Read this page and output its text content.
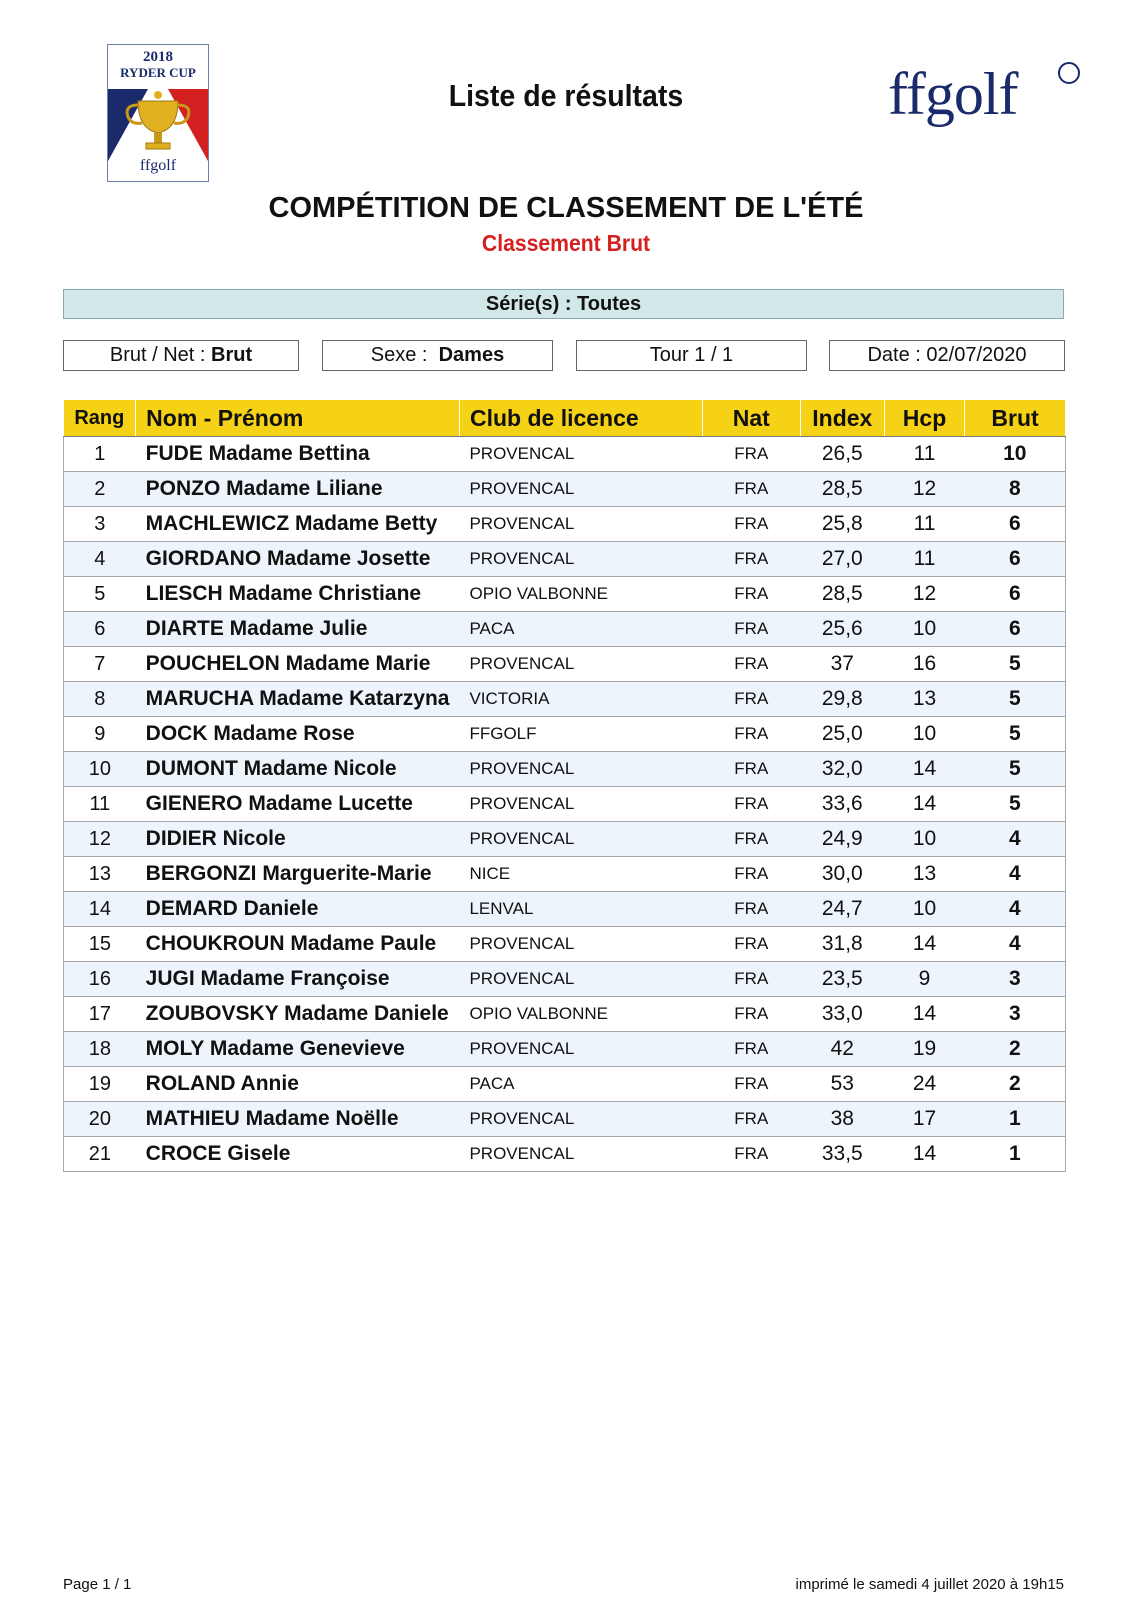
2018
RYDER CUP
ffgolf
Liste de résultats	ffgolf
COMPÉTITION DE CLASSEMENT DE L'ÉTÉ
Classement Brut
Série(s) : Toutes
Brut / Net : Brut	Sexe : Dames	Tour 1 / 1	Date : 02/07/2020
Rang	Nom - Prénom	Club de licence	Nat	Index	Hcp	Brut
1	FUDE Madame Bettina	PROVENCAL	FRA	26,5	11	10
2	PONZO Madame Liliane	PROVENCAL	FRA	28,5	12	8
3	MACHLEWICZ Madame Betty	PROVENCAL	FRA	25,8	11	6
4	GIORDANO Madame Josette	PROVENCAL	FRA	27,0	11	6
5	LIESCH Madame Christiane	OPIO VALBONNE	FRA	28,5	12	6
6	DIARTE Madame Julie	PACA	FRA	25,6	10	6
7	POUCHELON Madame Marie	PROVENCAL	FRA	37	16	5
8	MARUCHA Madame Katarzyna	VICTORIA	FRA	29,8	13	5
9	DOCK Madame Rose	FFGOLF	FRA	25,0	10	5
10	DUMONT Madame Nicole	PROVENCAL	FRA	32,0	14	5
11	GIENERO Madame Lucette	PROVENCAL	FRA	33,6	14	5
12	DIDIER Nicole	PROVENCAL	FRA	24,9	10	4
13	BERGONZI Marguerite-Marie	NICE	FRA	30,0	13	4
14	DEMARD Daniele	LENVAL	FRA	24,7	10	4
15	CHOUKROUN Madame Paule	PROVENCAL	FRA	31,8	14	4
16	JUGI Madame Françoise	PROVENCAL	FRA	23,5	9	3
17	ZOUBOVSKY Madame Daniele	OPIO VALBONNE	FRA	33,0	14	3
18	MOLY Madame Genevieve	PROVENCAL	FRA	42	19	2
19	ROLAND Annie	PACA	FRA	53	24	2
20	MATHIEU Madame Noëlle	PROVENCAL	FRA	38	17	1
21	CROCE Gisele	PROVENCAL	FRA	33,5	14	1
Page 1 / 1	imprimé le samedi 4 juillet 2020 à 19h15
